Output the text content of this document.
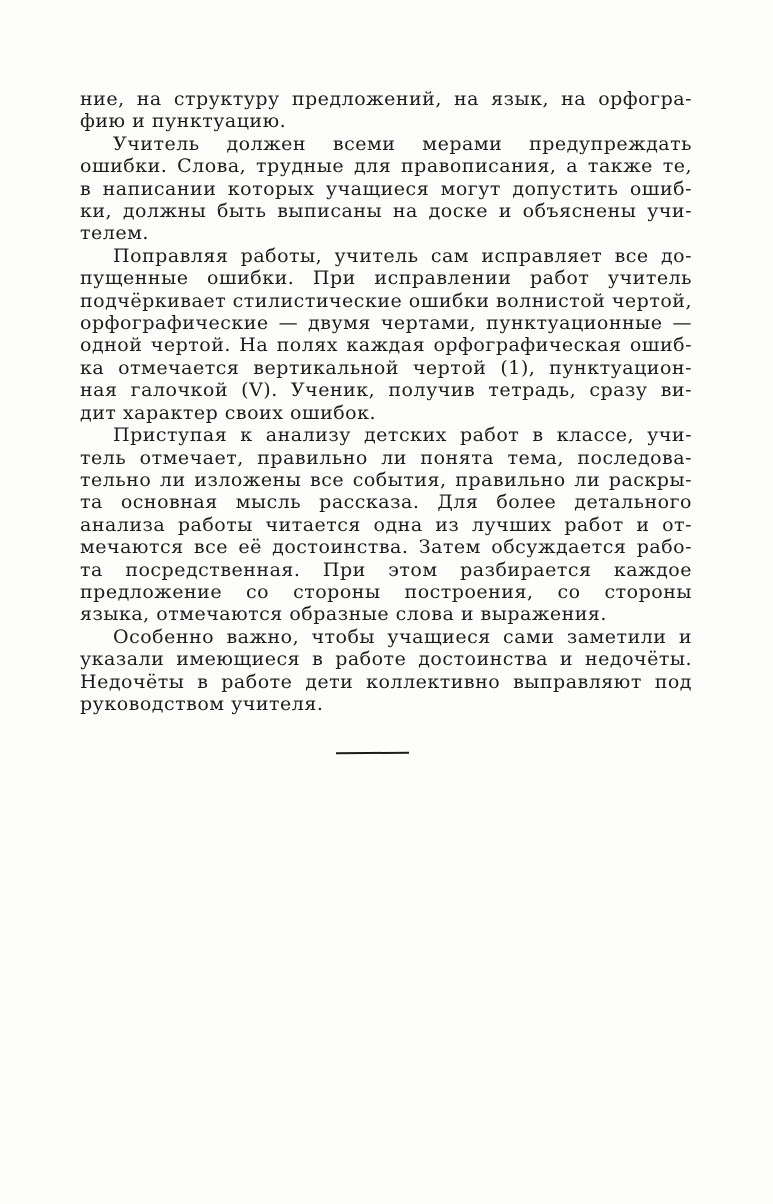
ние, на структуру предложений, на язык, на орфогра-
фию и пунктуацию.
Учитель должен всеми мерами предупреждать
ошибки. Слова, трудные для правописания, а также те,
в написании которых учащиеся могут допустить ошиб-
ки, должны быть выписаны на доске и объяснены учи-
телем.
Поправляя работы, учитель сам исправляет все до-
пущенные ошибки. При исправлении работ учитель
подчёркивает стилистические ошибки волнистой чертой,
орфографические — двумя чертами, пунктуационные —
одной чертой. На полях каждая орфографическая ошиб-
ка отмечается вертикальной чертой (1), пунктуацион-
ная галочкой (V). Ученик, получив тетрадь, сразу ви-
дит характер своих ошибок.
Приступая к анализу детских работ в классе, учи-
тель отмечает, правильно ли понята тема, последова-
тельно ли изложены все события, правильно ли раскры-
та основная мысль рассказа. Для более детального
анализа работы читается одна из лучших работ и от-
мечаются все её достоинства. Затем обсуждается рабо-
та посредственная. При этом разбирается каждое
предложение со стороны построения, со стороны
языка, отмечаются образные слова и выражения.
Особенно важно, чтобы учащиеся сами заметили и
указали имеющиеся в работе достоинства и недочёты.
Недочёты в работе дети коллективно выправляют под
руководством учителя.
